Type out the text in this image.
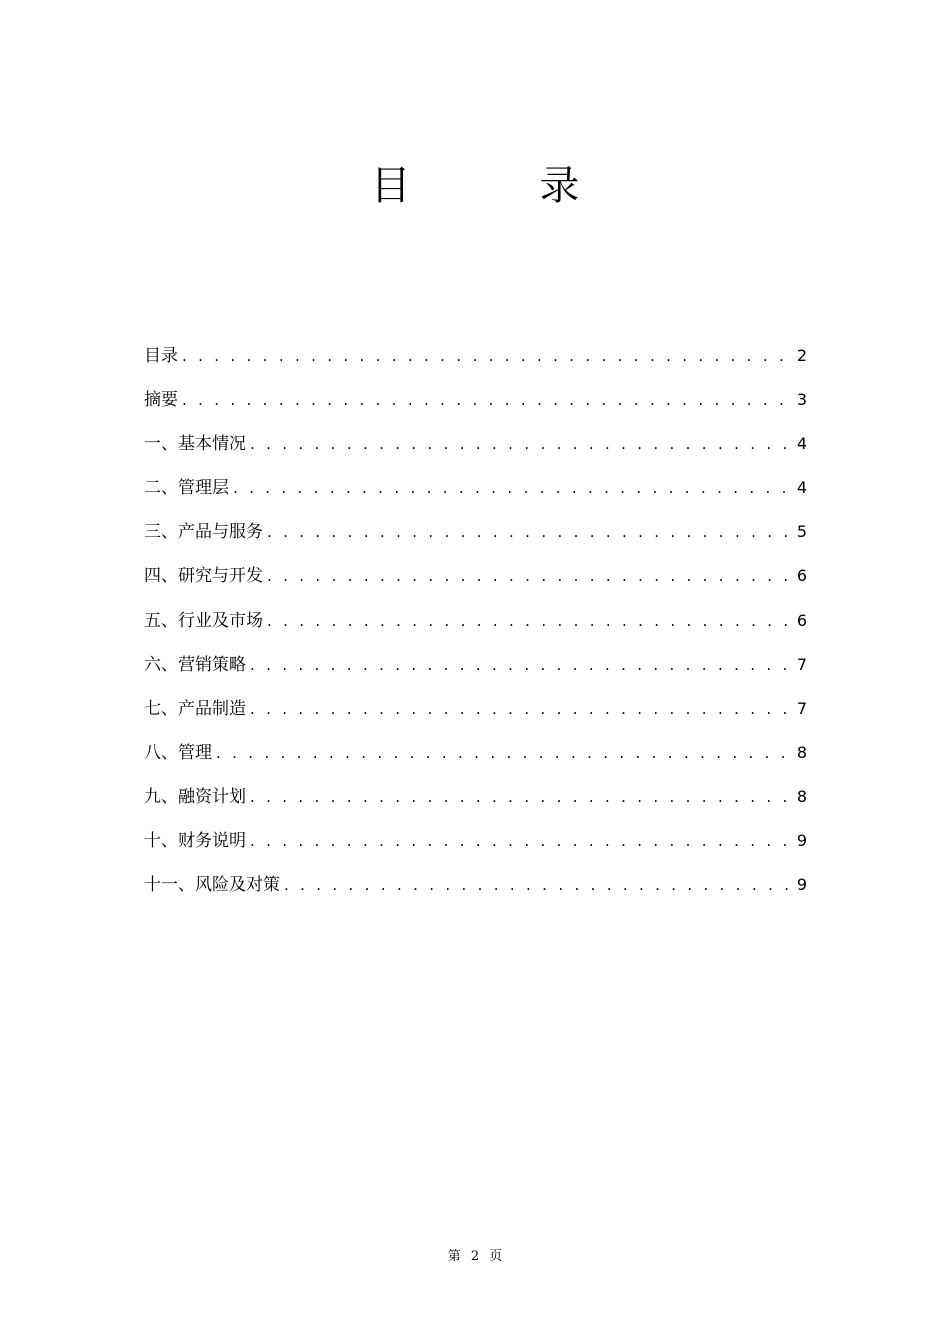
目 录
目录 . . .	2
摘要 . . .	3
一、基本情况 . . .	4
二、管理层 . . .	4
三、产品与服务 . . .	5
四、研究与开发 . . .	6
五、行业及市场 . . .	6
六、营销策略 . . .	7
七、产品制造 . . .	7
八、管理 . . .	8
九、融资计划 . . .	8
十、财务说明 . . .	9
十一、风险及对策 . . .	9
第 2 页
